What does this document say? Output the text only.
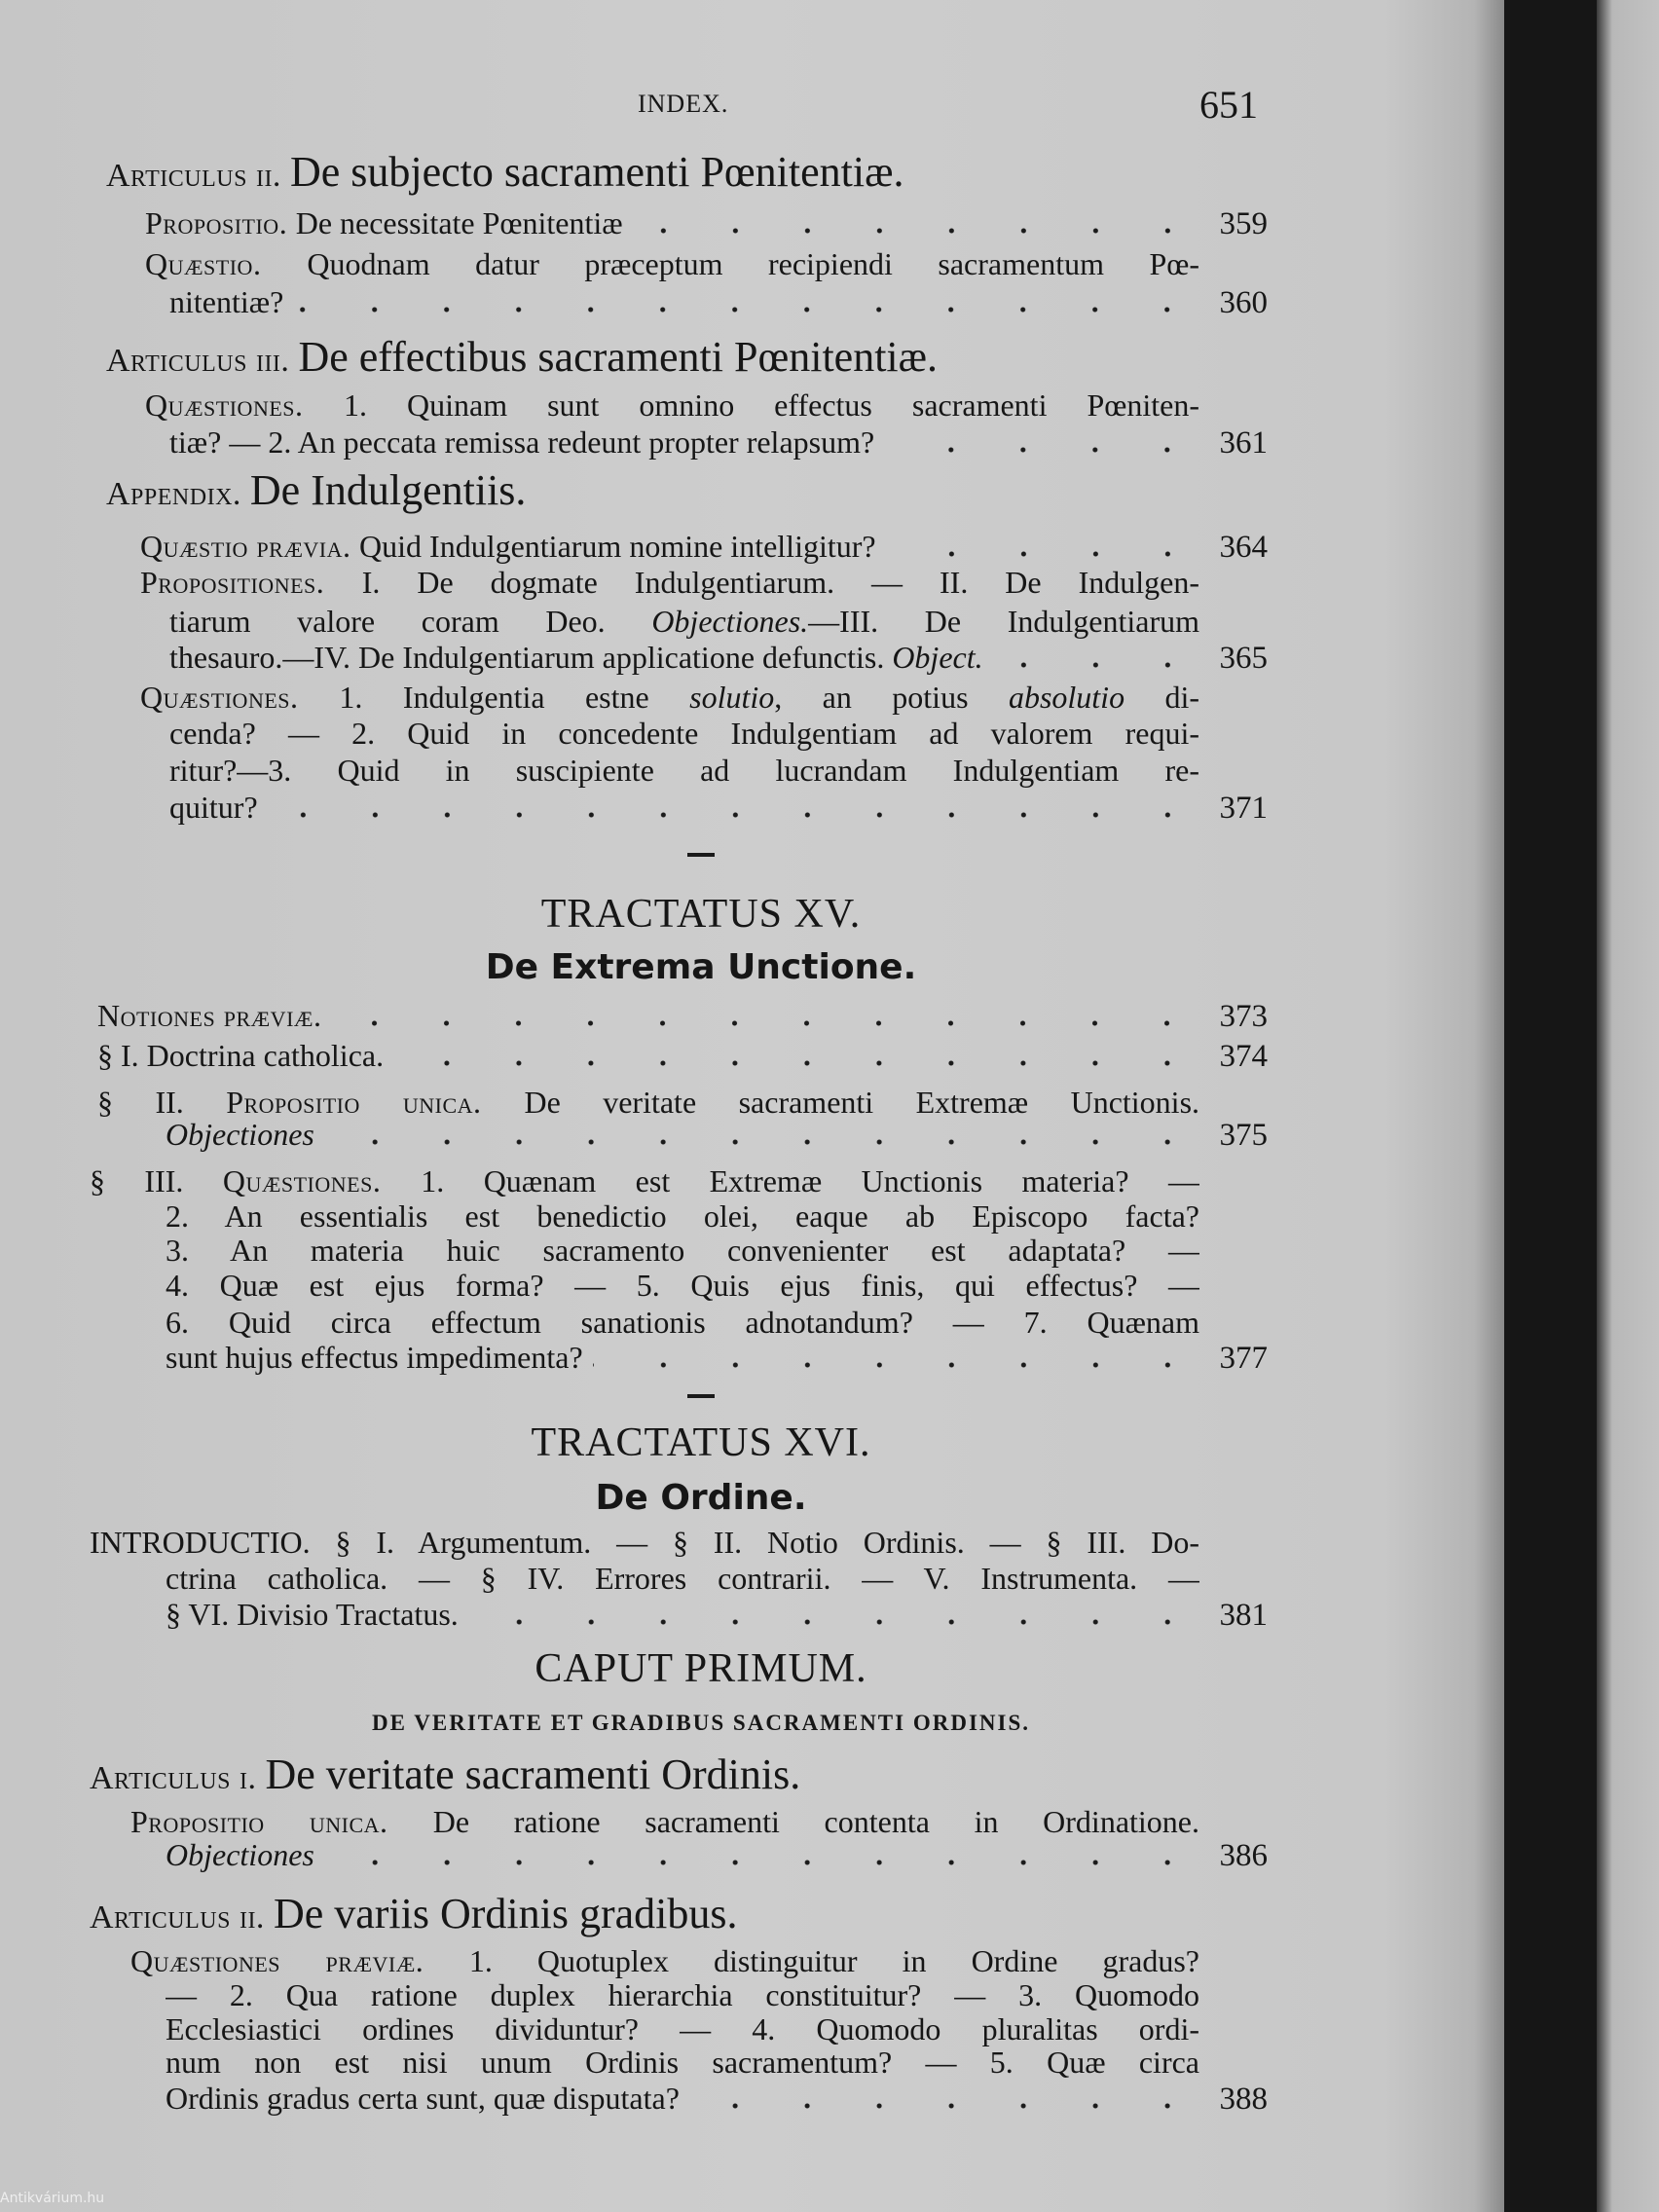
INDEX.	651
Articulus ii. De subjecto sacramenti Pœnitentiæ.
Propositio. De necessitate Pœnitentiæ	359
Quæstio. Quodnam datur præceptum recipiendi sacramentum Pœ-
nitentiæ?	360
Articulus iii. De effectibus sacramenti Pœnitentiæ.
Quæstiones. 1. Quinam sunt omnino effectus sacramenti Pœniten-
tiæ? — 2. An peccata remissa redeunt propter relapsum?	361
Appendix. De Indulgentiis.
Quæstio prævia. Quid Indulgentiarum nomine intelligitur?	364
Propositiones. I. De dogmate Indulgentiarum. — II. De Indulgen-
tiarum valore coram Deo. Objectiones.—III. De Indulgentiarum
thesauro.—IV. De Indulgentiarum applicatione defunctis. Object.	365
Quæstiones. 1. Indulgentia estne solutio, an potius absolutio di-
cenda? — 2. Quid in concedente Indulgentiam ad valorem requi-
ritur?—3. Quid in suscipiente ad lucrandam Indulgentiam re-
quitur?	371
TRACTATUS XV.
De Extrema Unctione.
Notiones præviæ.	373
§ I. Doctrina catholica.	374
§ II. Propositio unica. De veritate sacramenti Extremæ Unctionis.
Objectiones	375
§ III. Quæstiones. 1. Quænam est Extremæ Unctionis materia? —
2. An essentialis est benedictio olei, eaque ab Episcopo facta?
3. An materia huic sacramento convenienter est adaptata? —
4. Quæ est ejus forma? — 5. Quis ejus finis, qui effectus? —
6. Quid circa effectum sanationis adnotandum? — 7. Quænam
sunt hujus effectus impedimenta?	377
TRACTATUS XVI.
De Ordine.
INTRODUCTIO. § I. Argumentum. — § II. Notio Ordinis. — § III. Do-
ctrina catholica. — § IV. Errores contrarii. — V. Instrumenta. —
§ VI. Divisio Tractatus.	381
CAPUT PRIMUM.
DE VERITATE ET GRADIBUS SACRAMENTI ORDINIS.
Articulus i. De veritate sacramenti Ordinis.
Propositio unica. De ratione sacramenti contenta in Ordinatione.
Objectiones	386
Articulus ii. De variis Ordinis gradibus.
Quæstiones præviæ. 1. Quotuplex distinguitur in Ordine gradus?
— 2. Qua ratione duplex hierarchia constituitur? — 3. Quomodo
Ecclesiastici ordines dividuntur? — 4. Quomodo pluralitas ordi-
num non est nisi unum Ordinis sacramentum? — 5. Quæ circa
Ordinis gradus certa sunt, quæ disputata?	388
Antikvárium.hu
